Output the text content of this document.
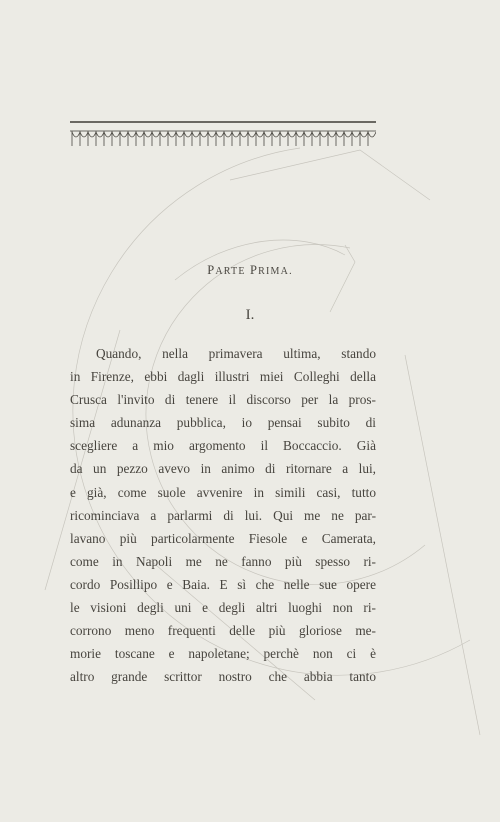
PARTE PRIMA.
I.
Quando, nella primavera ultima, stando
in Firenze, ebbi dagli illustri miei Colleghi della
Crusca l'invito di tenere il discorso per la pros-
sima adunanza pubblica, io pensai subito di
scegliere a mio argomento il Boccaccio. Già
da un pezzo avevo in animo di ritornare a lui,
e già, come suole avvenire in simili casi, tutto
ricominciava a parlarmi di lui. Qui me ne par-
lavano più particolarmente Fiesole e Camerata,
come in Napoli me ne fanno più spesso ri-
cordo Posillipo e Baia. E sì che nelle sue opere
le visioni degli uni e degli altri luoghi non ri-
corrono meno frequenti delle più gloriose me-
morie toscane e napoletane; perchè non ci è
altro grande scrittor nostro che abbia tanto
